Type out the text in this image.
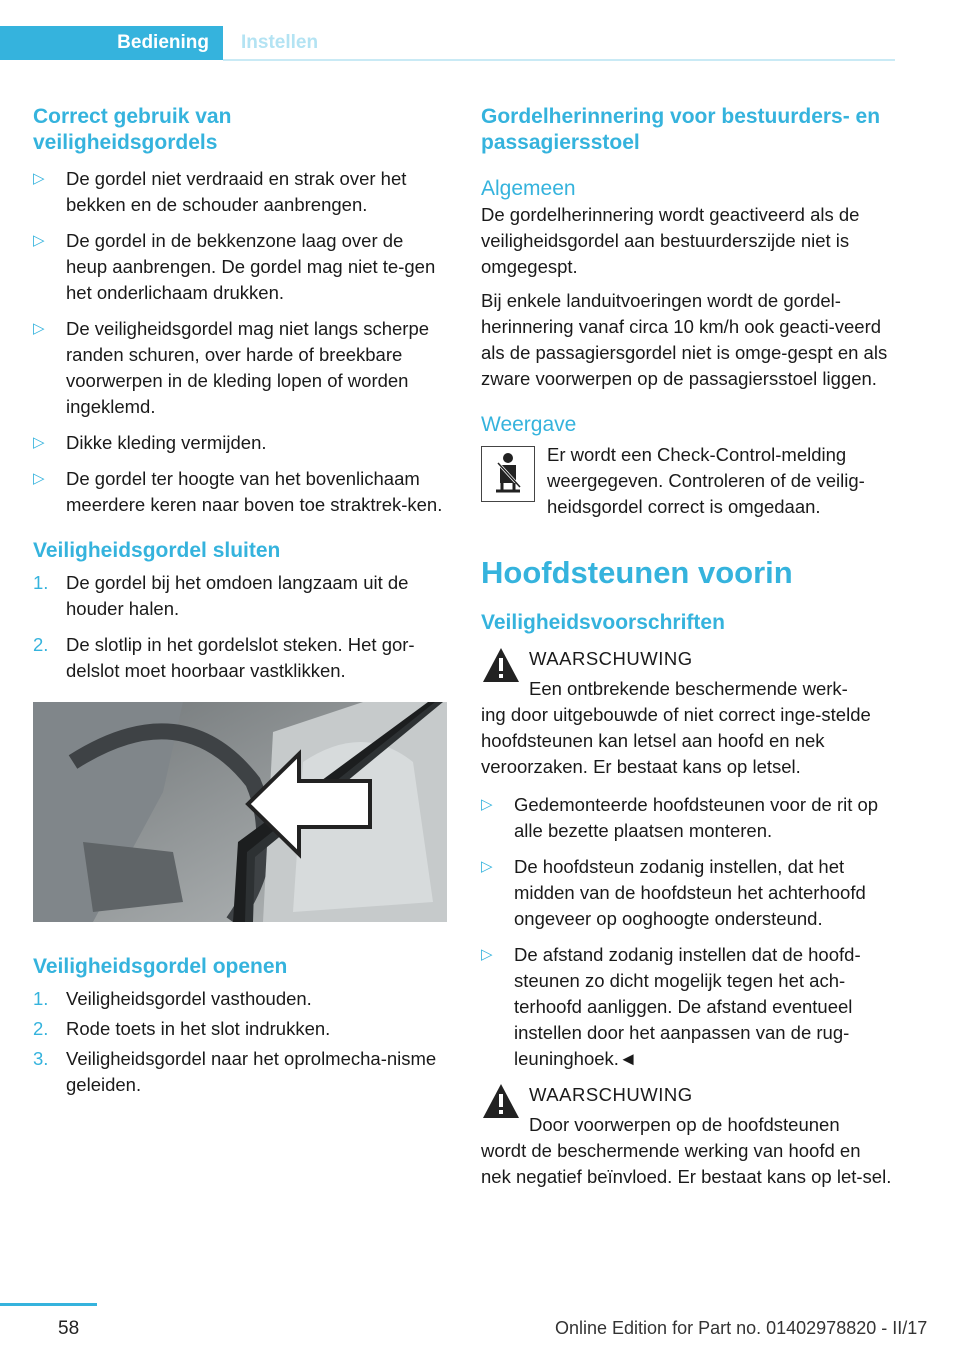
Bediening	Instellen
Correct gebruik van veiligheidsgordels
▷ De gordel niet verdraaid en strak over het bekken en de schouder aanbrengen.
▷ De gordel in de bekkenzone laag over de heup aanbrengen. De gordel mag niet te-gen het onderlichaam drukken.
▷ De veiligheidsgordel mag niet langs scherpe randen schuren, over harde of breekbare voorwerpen in de kleding lopen of worden ingeklemd.
▷ Dikke kleding vermijden.
▷ De gordel ter hoogte van het bovenlichaam meerdere keren naar boven toe straktrek-ken.
Veiligheidsgordel sluiten
1. De gordel bij het omdoen langzaam uit de houder halen.
2. De slotlip in het gordelslot steken. Het gor-delslot moet hoorbaar vastklikken.
Veiligheidsgordel openen
1. Veiligheidsgordel vasthouden.
2. Rode toets in het slot indrukken.
3. Veiligheidsgordel naar het oprolmecha-nisme geleiden.
Gordelherinnering voor bestuurders- en passagiersstoel
Algemeen

De gordelherinnering wordt geactiveerd als de veiligheidsgordel aan bestuurderszijde niet is omgegespt.

Bij enkele landuitvoeringen wordt de gordel-herinnering vanaf circa 10 km/h ook geacti-veerd als de passagiersgordel niet is omge-gespt en als zware voorwerpen op de passagiersstoel liggen.

Weergave
Er wordt een Check-Control-melding weergegeven. Controleren of de veilig-heidsgordel correct is omgedaan.
Hoofdsteunen voorin
Veiligheidsvoorschriften
WAARSCHUWING
Een ontbrekende beschermende werk-

ing door uitgebouwde of niet correct inge-stelde hoofdsteunen kan letsel aan hoofd en nek veroorzaken. Er bestaat kans op letsel.

▷ Gedemonteerde hoofdsteunen voor de rit op alle bezette plaatsen monteren.
▷ De hoofdsteun zodanig instellen, dat het midden van de hoofdsteun het achterhoofd ongeveer op ooghoogte ondersteund.
▷ De afstand zodanig instellen dat de hoofd-steunen zo dicht mogelijk tegen het ach-terhoofd aanliggen. De afstand eventueel instellen door het aanpassen van de rug-leuninghoek.◄
WAARSCHUWING
Door voorwerpen op de hoofdsteunen

wordt de beschermende werking van hoofd en nek negatief beïnvloed. Er bestaat kans op let-sel.

58	Online Edition for Part no. 01402978820 - II/17
